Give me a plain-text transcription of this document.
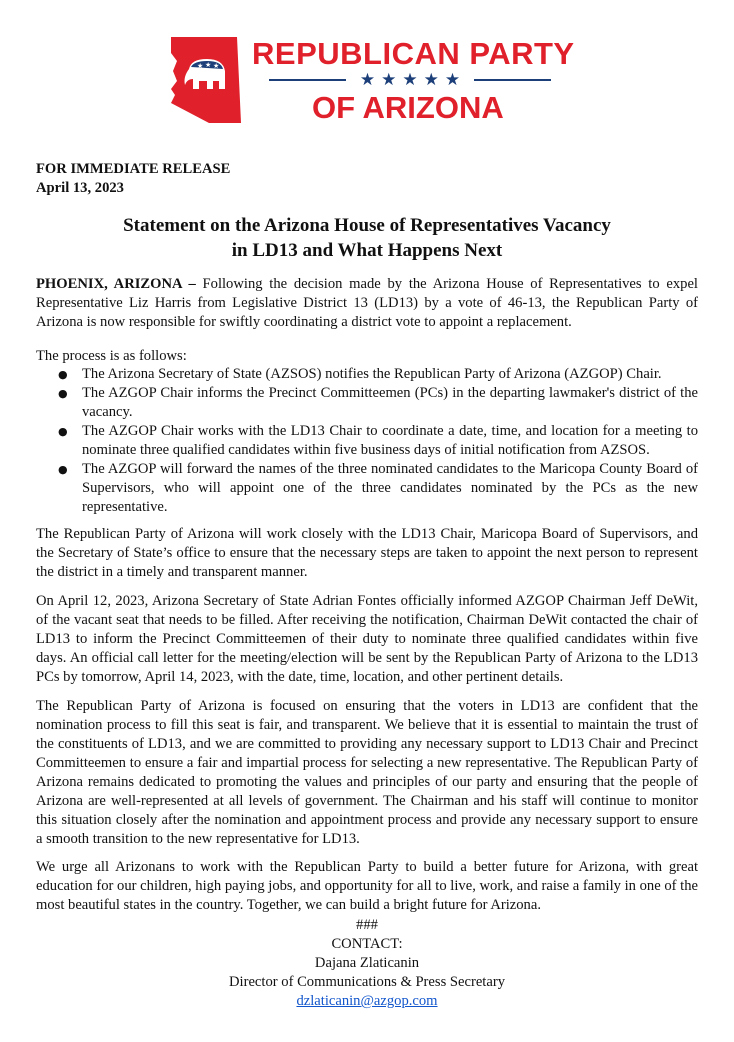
★ ★ ★ REPUBLICAN PARTY
★★★★★
OF ARIZONA
FOR IMMEDIATE RELEASE
April 13, 2023
Statement on the Arizona House of Representatives Vacancy
in LD13 and What Happens Next
PHOENIX, ARIZONA – Following the decision made by the Arizona House of Representatives to expel Representative Liz Harris from Legislative District 13 (LD13) by a vote of 46-13, the Republican Party of Arizona is now responsible for swiftly coordinating a district vote to appoint a replacement.
The process is as follows:
● The Arizona Secretary of State (AZSOS) notifies the Republican Party of Arizona (AZGOP) Chair.
● The AZGOP Chair informs the Precinct Committeemen (PCs) in the departing lawmaker's district of the vacancy.
● The AZGOP Chair works with the LD13 Chair to coordinate a date, time, and location for a meeting to nominate three qualified candidates within five business days of initial notification from AZSOS.
● The AZGOP will forward the names of the three nominated candidates to the Maricopa County Board of Supervisors, who will appoint one of the three candidates nominated by the PCs as the new representative.
The Republican Party of Arizona will work closely with the LD13 Chair, Maricopa Board of Supervisors, and the Secretary of State’s office to ensure that the necessary steps are taken to appoint the next person to represent the district in a timely and transparent manner.
On April 12, 2023, Arizona Secretary of State Adrian Fontes officially informed AZGOP Chairman Jeff DeWit, of the vacant seat that needs to be filled. After receiving the notification, Chairman DeWit contacted the chair of LD13 to inform the Precinct Committeemen of their duty to nominate three qualified candidates within five days. An official call letter for the meeting/election will be sent by the Republican Party of Arizona to the LD13 PCs by tomorrow, April 14, 2023, with the date, time, location, and other pertinent details.
The Republican Party of Arizona is focused on ensuring that the voters in LD13 are confident that the nomination process to fill this seat is fair, and transparent. We believe that it is essential to maintain the trust of the constituents of LD13, and we are committed to providing any necessary support to LD13 Chair and Precinct Committeemen to ensure a fair and impartial process for selecting a new representative. The Republican Party of Arizona remains dedicated to promoting the values and principles of our party and ensuring that the people of Arizona are well-represented at all levels of government. The Chairman and his staff will continue to monitor this situation closely after the nomination and appointment process and provide any necessary support to ensure a smooth transition to the new representative for LD13.
We urge all Arizonans to work with the Republican Party to build a better future for Arizona, with great education for our children, high paying jobs, and opportunity for all to live, work, and raise a family in one of the most beautiful states in the country. Together, we can build a bright future for Arizona.
###
CONTACT:
Dajana Zlaticanin
Director of Communications & Press Secretary
dzlaticanin@azgop.com
